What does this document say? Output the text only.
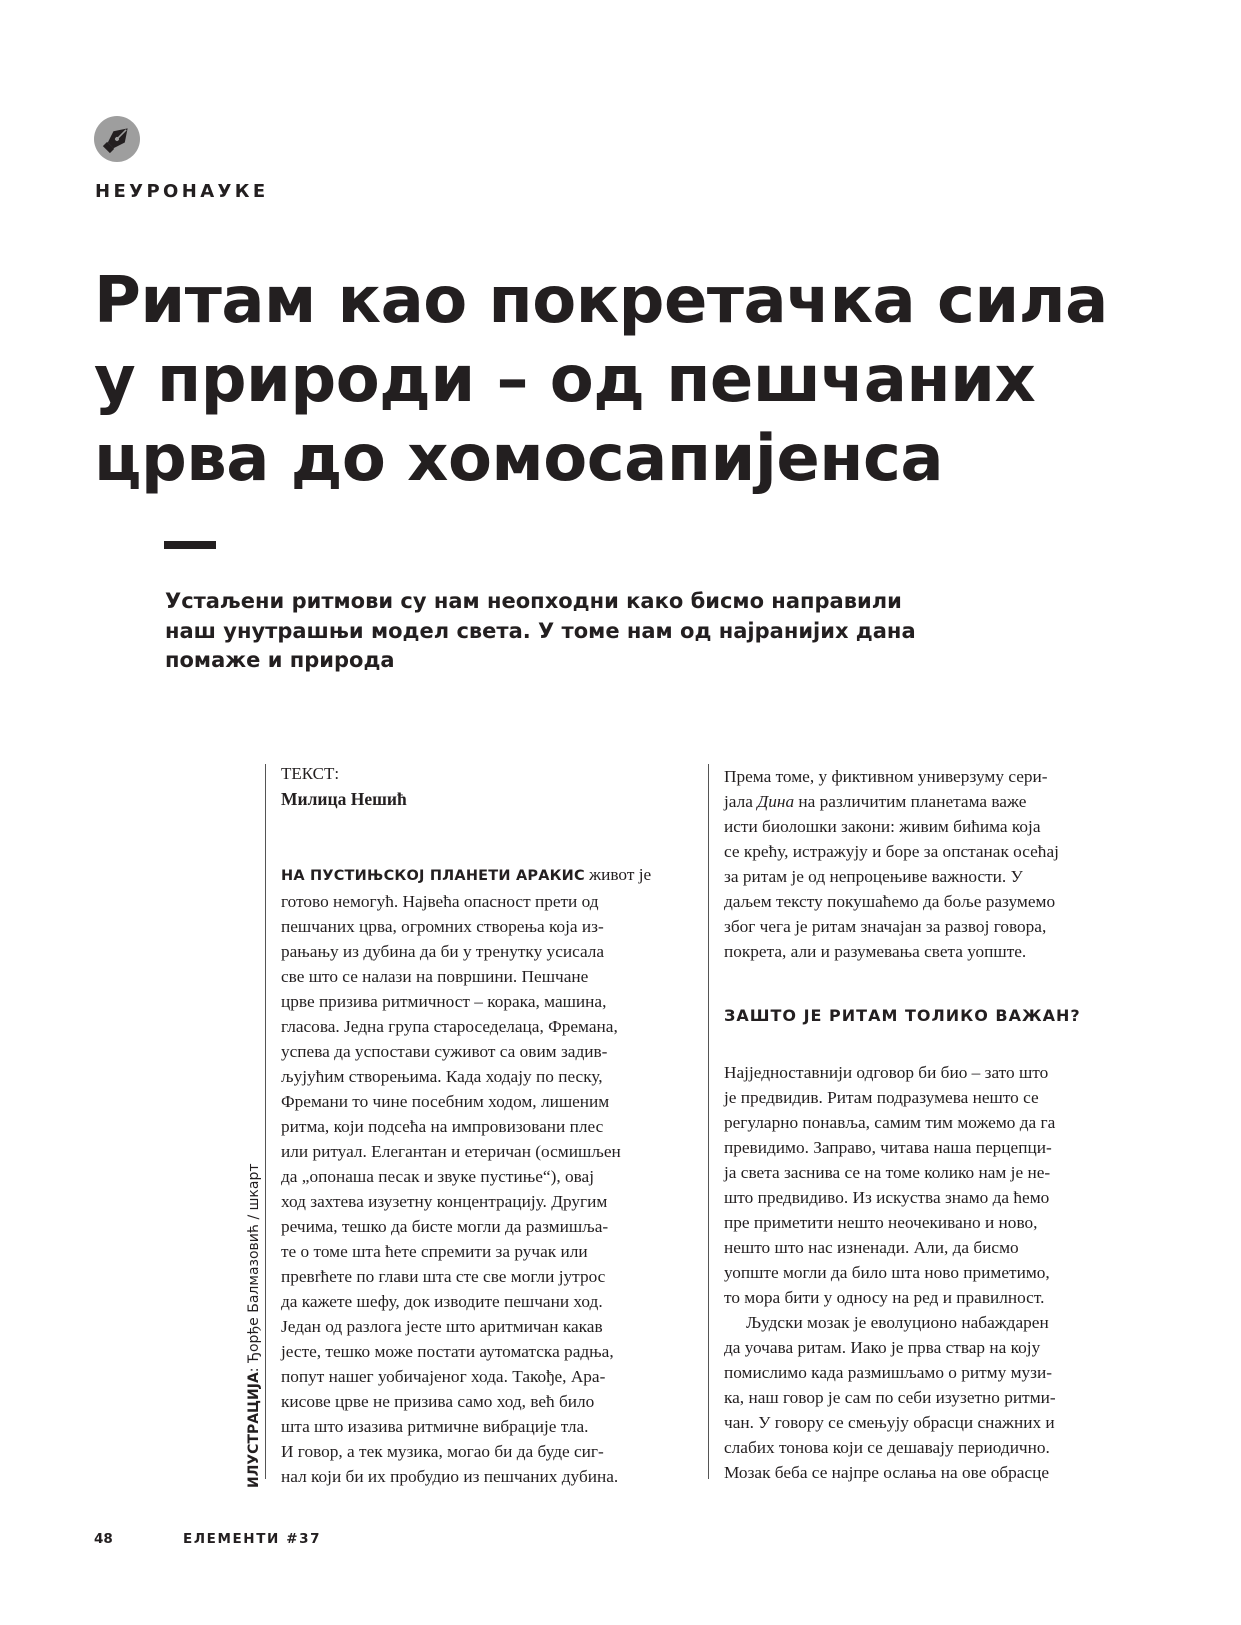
НЕУРОНАУКЕ
Ритам као покретачка сила
у природи – од пешчаних
црва до хомосапијенса

Устаљени ритмови су нам неопходни како бисмо направили
наш унутрашњи модел света. У томе нам од најранијих дана
помаже и природа

ИЛУСТРАЦИЈА: Ђорђе Балмазовић / шкарт
ТЕКСТ:
Милица Нешић
НА ПУСТИЊСКОЈ ПЛАНЕТИ АРАКИС живот је
готово немогућ. Највећа опасност прети од
пешчаних црва, огромних створења која из-
рањању из дубина да би у тренутку усисала
све што се налази на површини. Пешчане
црве призива ритмичност – корака, машина,
гласова. Једна група староседелаца, Фремана,
успева да успостави суживот са овим задив-
љујућим створењима. Када ходају по песку,
Фремани то чине посебним ходом, лишеним
ритма, који подсећа на импровизовани плес
или ритуал. Елегантан и етеричан (осмишљен
да „опонаша песак и звуке пустиње“), овај
ход захтева изузетну концентрацију. Другим
речима, тешко да бисте могли да размишља-
те о томе шта ћете спремити за ручак или
превrћете по глави шта сте све могли јутрос
да кажете шефу, док изводите пешчани ход.
Један од разлога јесте што аритмичан какав
јесте, тешко може постати аутоматска радња,
попут нашег уобичајеног хода. Такође, Ара-
кисове црве не призива само ход, већ било
шта што изазива ритмичне вибрације тла.
И говор, а тек музика, могао би да буде сиг-
нал који би их пробудио из пешчаних дубина.
Према томе, у фиктивном универзуму сери-
јала Дина на различитим планетама важе
исти биолошки закони: живим бићима која
се крећу, истражују и боре за опстанак осећај
за ритам је од непроцењиве важности. У
даљем тексту покушаћемо да боље разумемо
због чега је ритам значајан за развој говора,
покрета, али и разумевања света уопште.
ЗАШТО ЈЕ РИТАМ ТОЛИКО ВАЖАН?
Најједноставнији одговор би био – зато што
је предвидив. Ритам подразумева нешто се
регуларно понавља, самим тим можемо да га
превидимо. Заправо, читава наша перцепци-
ја света заснива се на томе колико нам је не-
што предвидиво. Из искуства знамо да ћемо
пре приметити нешто неочекивано и ново,
нешто што нас изненади. Али, да бисмо
уопште могли да било шта ново приметимо,
то мора бити у односу на ред и правилност.
Људски мозак је еволуционо набаждарен
да уочава ритам. Иако је прва ствар на коју
помислимо када размишљамо о ритму музи-
ка, наш говор је сам по себи изузетно ритми-
чан. У говору се смењују обрасци снажних и
слабих тонова који се дешавају периодично.
Мозак беба се најпре ослања на ове обрасце
48	ЕЛЕМЕНТИ #37
